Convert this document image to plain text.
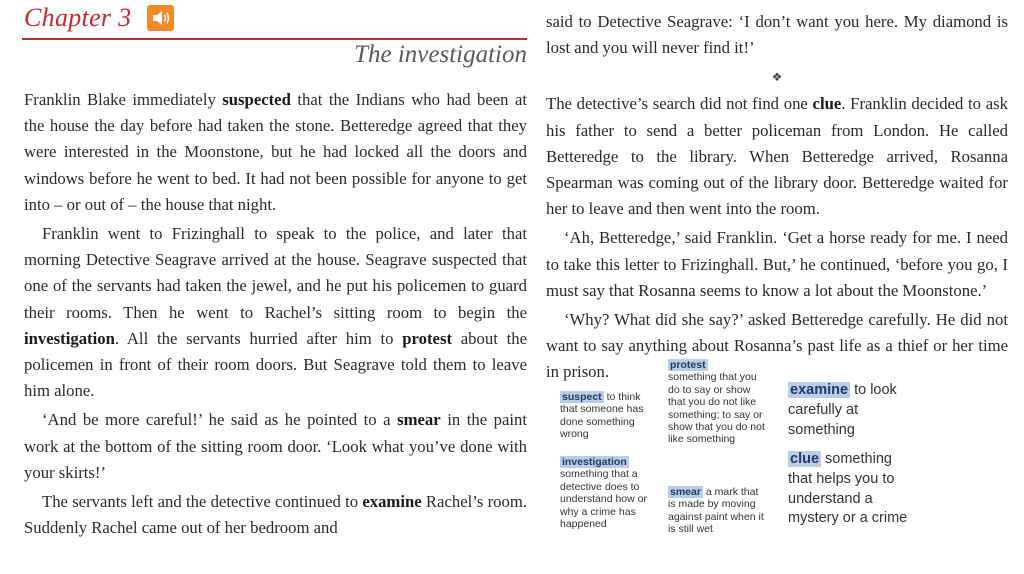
Chapter 3
The investigation

Franklin Blake immediately suspected that the Indians who had been at the house the day before had taken the stone. Betteredge agreed that they were interested in the Moonstone, but he had locked all the doors and windows before he went to bed. It had not been possible for anyone to get into – or out of – the house that night.

Franklin went to Frizinghall to speak to the police, and later that morning Detective Seagrave arrived at the house. Seagrave suspected that one of the servants had taken the jewel, and he put his policemen to guard their rooms. Then he went to Rachel’s sitting room to begin the investigation. All the servants hurried after him to protest about the policemen in front of their room doors. But Seagrave told them to leave him alone.

‘And be more careful!’ he said as he pointed to a smear in the paint work at the bottom of the sitting room door. ‘Look what you’ve done with your skirts!’

The servants left and the detective continued to examine Rachel’s room. Suddenly Rachel came out of her bedroom and

said to Detective Seagrave: ‘I don’t want you here. My diamond is lost and you will never find it!’

❖

The detective’s search did not find one clue. Franklin decided to ask his father to send a better policeman from London. He called Betteredge to the library. When Betteredge arrived, Rosanna Spearman was coming out of the library door. Betteredge waited for her to leave and then went into the room.

‘Ah, Betteredge,’ said Franklin. ‘Get a horse ready for me. I need to take this letter to Frizinghall. But,’ he continued, ‘before you go, I must say that Rosanna seems to know a lot about the Moonstone.’

‘Why? What did she say?’ asked Betteredge carefully. He did not want to say anything about Rosanna’s past life as a thief or her time in prison.

suspect to think that someone has done something wrong
investigation
something that a detective does to understand how or why a crime has happened
protest
something that you do to say or show that you do not like something; to say or show that you do not like something
smear a mark that is made by moving against paint when it is still wet
examine to look carefully at something
clue something that helps you to understand a mystery or a crime
